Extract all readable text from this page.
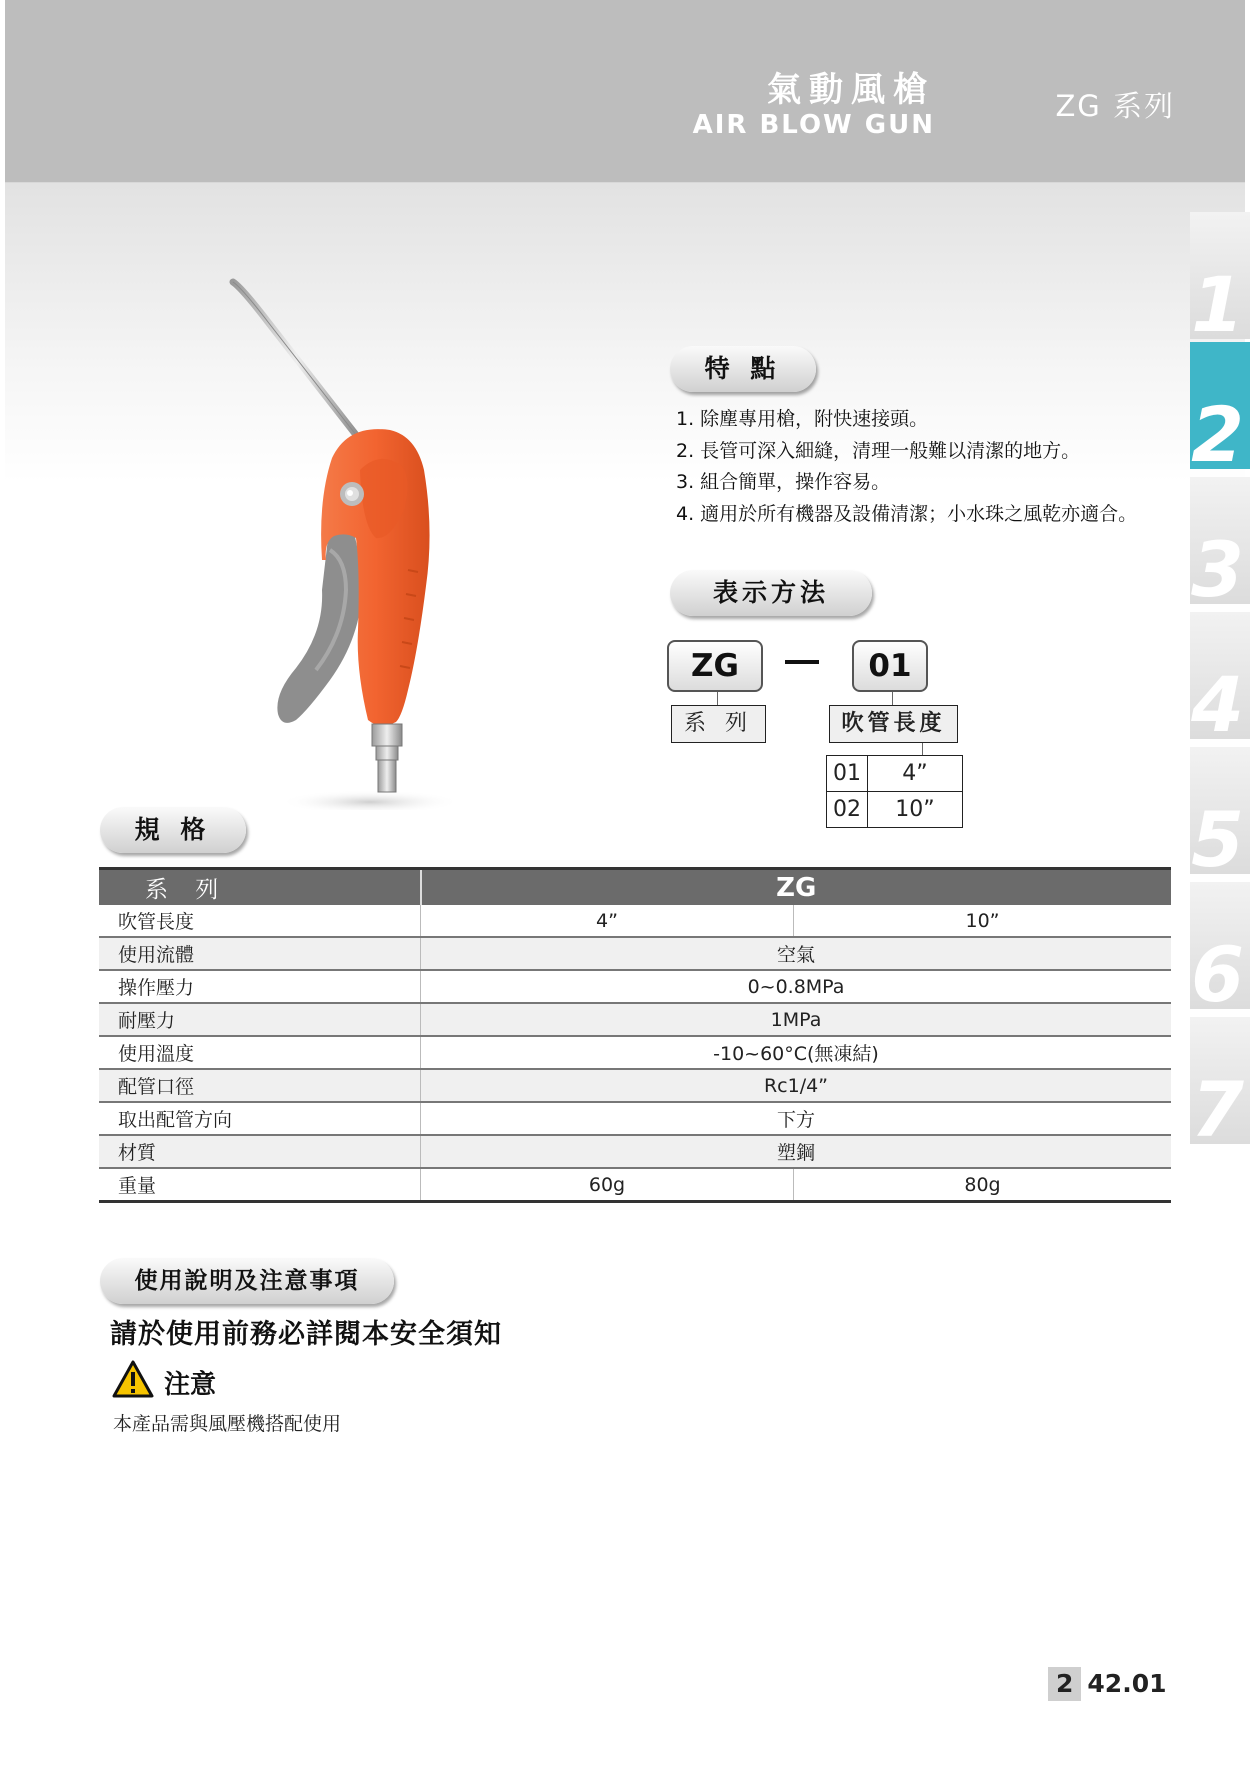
氣動風槍
AIR BLOW GUN
ZG 系列
1
2
3
4
5
6
7
特 點
1. 除塵專用槍，附快速接頭。
2. 長管可深入細縫，清理一般難以清潔的地方。
3. 組合簡單，操作容易。
4. 適用於所有機器及設備清潔；小水珠之風乾亦適合。
表示方法
ZG	01
系 列	吹管長度
01	4”
02	10”
規 格
系 列	ZG	
吹管長度	4”	10”
使用流體	空氣	
操作壓力	0~0.8MPa	
耐壓力	1MPa	
使用溫度	-10~60°C(無凍結)	
配管口徑	Rc1/4”	
取出配管方向	下方	
材質	塑鋼	
重量	60g	80g
使用說明及注意事項
請於使用前務必詳閱本安全須知
注意
本產品需與風壓機搭配使用
2 42.01
